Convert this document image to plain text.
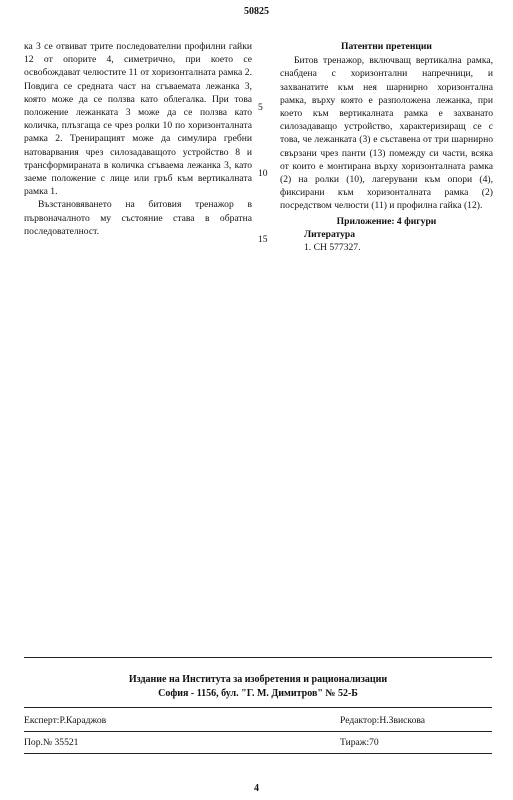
50825

ка 3 се отвиват трите последователни профилни гайки 12 от опорите 4, симетрично, при което се освобождават челюстите 11 от хоризонталната рамка 2. Повдига се средната част на сгъваемата лежанка 3, която може да се ползва като облегалка. При това положение лежанката 3 може да се ползва като количка, плъзгаща се чрез ролки 10 по хоризонталната рамка 2. Трениращият може да симулира гребни натоварвания чрез силозадаващото устройство 8 и трансформираната в количка сгъваема лежанка 3, като заеме положение с лице или гръб към вертикалната рамка 1.

Възстановяването на битовия тренажор в първоначалното му състояние става в обратна последователност.

5
10
15

Патентни претенции

Битов тренажор, включващ вертикална рамка, снабдена с хоризонтални напречници, и захванатите към нея шарнирно хоризонтална рамка, върху която е разположена лежанка, при което към вертикалната рамка е захванато силозадаващо устройство, характеризиращ се с това, че лежанката (3) е съставена от три шарнирно свързани чрез панти (13) помежду си части, всяка от които е монтирана върху хоризонталната рамка (2) на ролки (10), лагерувани към опори (4), фиксирани към хоризонталната рамка (2) посредством челюсти (11) и профилна гайка (12).

Приложение: 4 фигури

Литература

1. СН 577327.

Издание на Института за изобретения и рационализации
София - 1156, бул. "Г. М. Димитров" № 52-Б
Експерт:Р.Караджов	Редактор:Н.Звискова
Пор.№ 35521	Тираж:70
4
